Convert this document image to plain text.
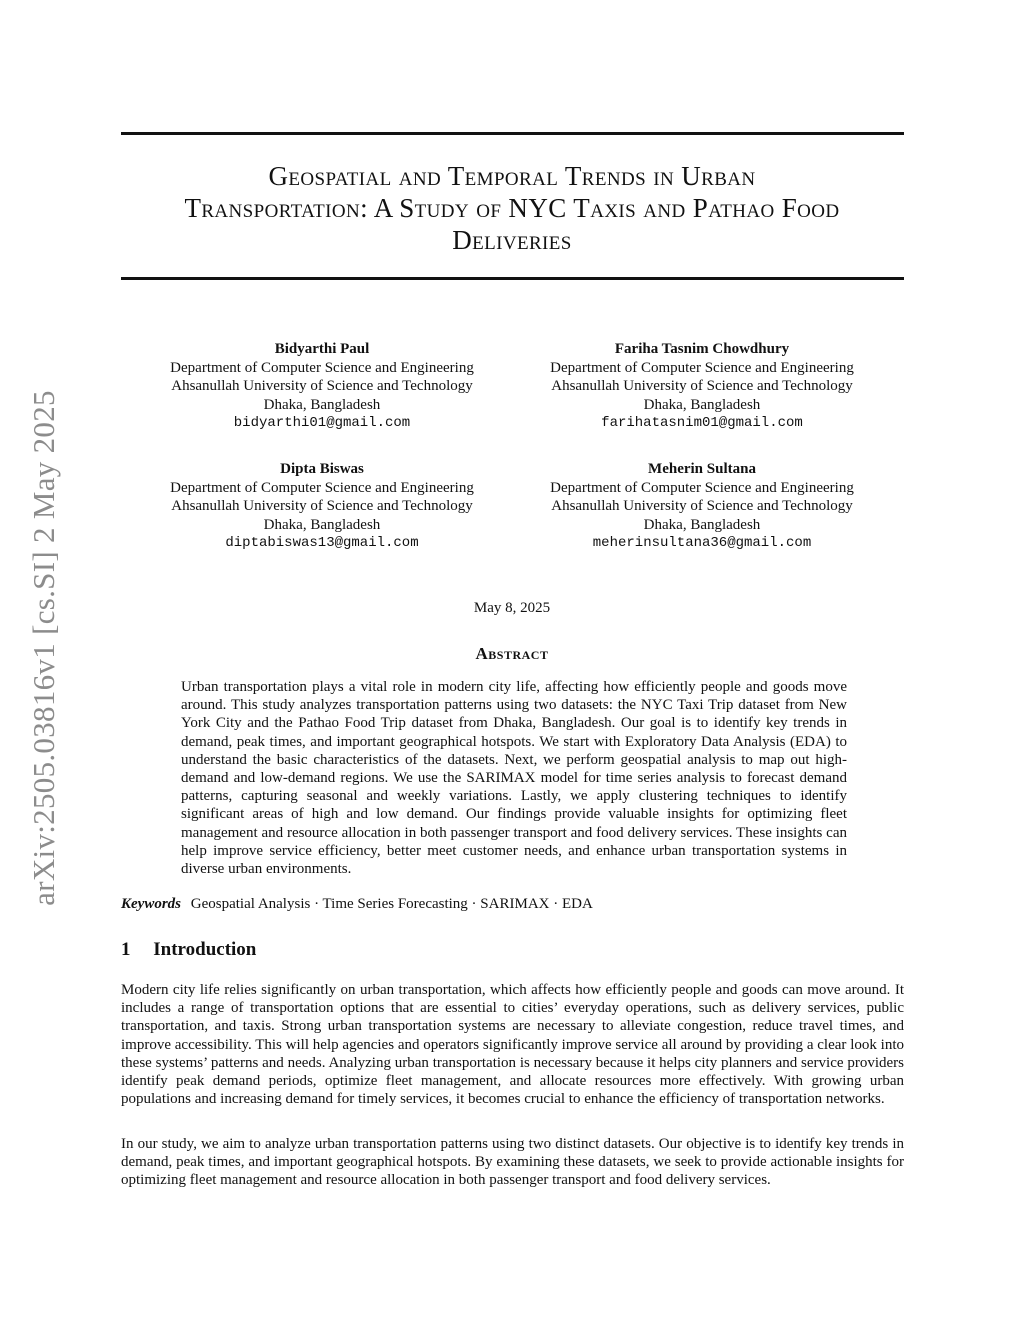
arXiv:2505.03816v1 [cs.SI] 2 May 2025
Geospatial and Temporal Trends in Urban
Transportation: A Study of NYC Taxis and Pathao Food
Deliveries
Bidyarthi Paul
Department of Computer Science and Engineering
Ahsanullah University of Science and Technology
Dhaka, Bangladesh
bidyarthi01@gmail.com
Fariha Tasnim Chowdhury
Department of Computer Science and Engineering
Ahsanullah University of Science and Technology
Dhaka, Bangladesh
farihatasnim01@gmail.com
Dipta Biswas
Department of Computer Science and Engineering
Ahsanullah University of Science and Technology
Dhaka, Bangladesh
diptabiswas13@gmail.com
Meherin Sultana
Department of Computer Science and Engineering
Ahsanullah University of Science and Technology
Dhaka, Bangladesh
meherinsultana36@gmail.com
May 8, 2025
Abstract

Urban transportation plays a vital role in modern city life, affecting how efficiently people and goods move around. This study analyzes transportation patterns using two datasets: the NYC Taxi Trip dataset from New York City and the Pathao Food Trip dataset from Dhaka, Bangladesh. Our goal is to identify key trends in demand, peak times, and important geographical hotspots. We start with Exploratory Data Analysis (EDA) to understand the basic characteristics of the datasets. Next, we perform geospatial analysis to map out high-demand and low-demand regions. We use the SARIMAX model for time series analysis to forecast demand patterns, capturing seasonal and weekly variations. Lastly, we apply clustering techniques to identify significant areas of high and low demand. Our findings provide valuable insights for optimizing fleet management and resource allocation in both passenger transport and food delivery services. These insights can help improve service efficiency, better meet customer needs, and enhance urban transportation systems in diverse urban environments.

Keywords Geospatial Analysis · Time Series Forecasting · SARIMAX · EDA
1 Introduction

Modern city life relies significantly on urban transportation, which affects how efficiently people and goods can move around. It includes a range of transportation options that are essential to cities’ everyday operations, such as delivery services, public transportation, and taxis. Strong urban transportation systems are necessary to alleviate congestion, reduce travel times, and improve accessibility. This will help agencies and operators significantly improve service all around by providing a clear look into these systems’ patterns and needs. Analyzing urban transportation is necessary because it helps city planners and service providers identify peak demand periods, optimize fleet management, and allocate resources more effectively. With growing urban populations and increasing demand for timely services, it becomes crucial to enhance the efficiency of transportation networks.

In our study, we aim to analyze urban transportation patterns using two distinct datasets. Our objective is to identify key trends in demand, peak times, and important geographical hotspots. By examining these datasets, we seek to provide actionable insights for optimizing fleet management and resource allocation in both passenger transport and food delivery services.
